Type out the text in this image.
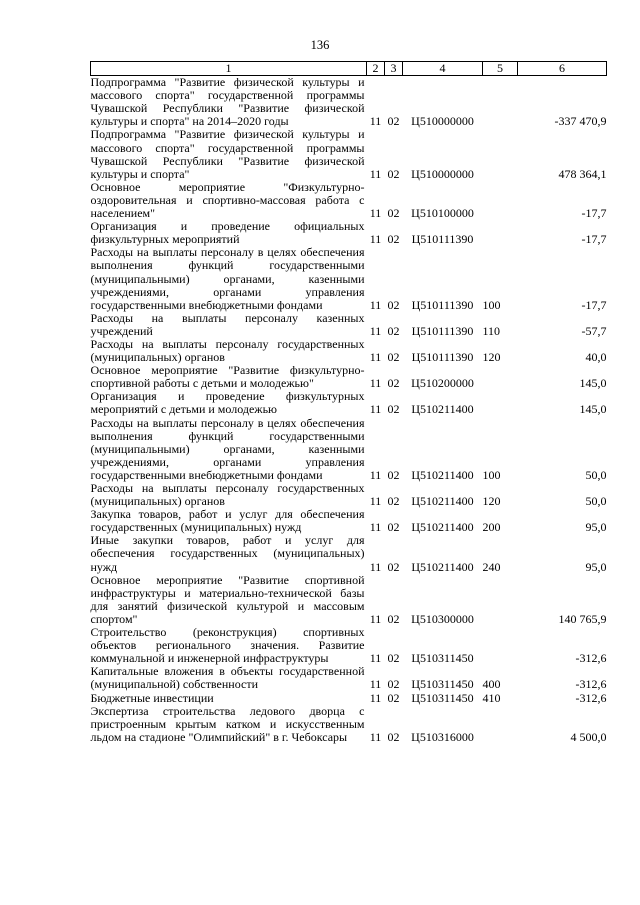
136
1	2	3	4	5	6
Подпрограмма "Развитие физической культуры и массового спорта" государственной программы Чувашской Республики "Развитие физической культуры и спорта" на 2014–2020 годы	11	02	Ц510000000		-337 470,9
Подпрограмма "Развитие физической культуры и массового спорта" государственной программы Чувашской Республики "Развитие физической культуры и спорта"	11	02	Ц510000000		478 364,1
Основное мероприятие "Физкультурно-оздоровительная и спортивно-массовая работа с населением"	11	02	Ц510100000		-17,7
Организация и проведение официальных физкультурных мероприятий	11	02	Ц510111390		-17,7
Расходы на выплаты персоналу в целях обеспечения выполнения функций государственными (муниципальными) органами, казенными учреждениями, органами управления государственными внебюджетными фондами	11	02	Ц510111390	100	-17,7
Расходы на выплаты персоналу казенных учреждений	11	02	Ц510111390	110	-57,7
Расходы на выплаты персоналу государственных (муниципальных) органов	11	02	Ц510111390	120	40,0
Основное мероприятие "Развитие физкультурно-спортивной работы с детьми и молодежью"	11	02	Ц510200000		145,0
Организация и проведение физкультурных мероприятий с детьми и молодежью	11	02	Ц510211400		145,0
Расходы на выплаты персоналу в целях обеспечения выполнения функций государственными (муниципальными) органами, казенными учреждениями, органами управления государственными внебюджетными фондами	11	02	Ц510211400	100	50,0
Расходы на выплаты персоналу государственных (муниципальных) органов	11	02	Ц510211400	120	50,0
Закупка товаров, работ и услуг для обеспечения государственных (муниципальных) нужд	11	02	Ц510211400	200	95,0
Иные закупки товаров, работ и услуг для обеспечения государственных (муниципальных) нужд	11	02	Ц510211400	240	95,0
Основное мероприятие "Развитие спортивной инфраструктуры и материально-технической базы для занятий физической культурой и массовым спортом"	11	02	Ц510300000		140 765,9
Строительство (реконструкция) спортивных объектов регионального значения. Развитие коммунальной и инженерной инфраструктуры	11	02	Ц510311450		-312,6
Капитальные вложения в объекты государственной (муниципальной) собственности	11	02	Ц510311450	400	-312,6
Бюджетные инвестиции	11	02	Ц510311450	410	-312,6
Экспертиза строительства ледового дворца с пристроенным крытым катком и искусственным льдом на стадионе "Олимпийский" в г. Чебоксары	11	02	Ц510316000		4 500,0
